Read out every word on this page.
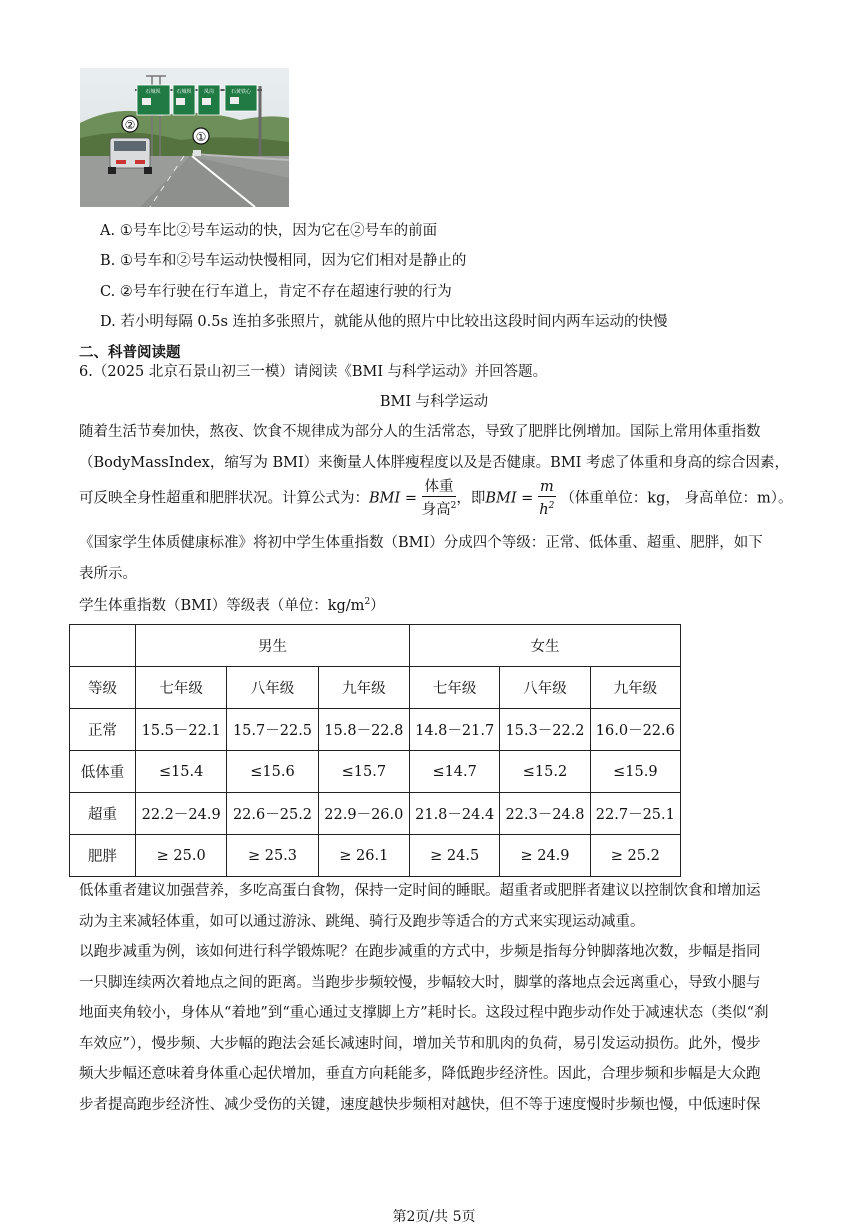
石城坝	石城坝 凤岗	石黄铁心
②
①
A. ①号车比②号车运动的快，因为它在②号车的前面
B. ①号车和②号车运动快慢相同，因为它们相对是静止的
C. ②号车行驶在行车道上，肯定不存在超速行驶的行为
D. 若小明每隔 0.5s 连拍多张照片，就能从他的照片中比较出这段时间内两车运动的快慢
二、科普阅读题
6.（2025 北京石景山初三一模）请阅读《BMI 与科学运动》并回答题。
BMI 与科学运动
随着生活节奏加快，熬夜、饮食不规律成为部分人的生活常态，导致了肥胖比例增加。国际上常用体重指数
（BodyMassIndex，缩写为 BMI）来衡量人体胖瘦程度以及是否健康。BMI 考虑了体重和身高的综合因素，
可反映全身性超重和肥胖状况。计算公式为：BMI = $\frac{\text{体重}}{身高^2}$ ，即BMI = $\frac{m}{h^2}$ （体重单位：kg， 身高单位：m）。
《国家学生体质健康标准》将初中学生体重指数（BMI）分成四个等级：正常、低体重、超重、肥胖，如下
表所示。
学生体重指数（BMI）等级表（单位：$kg/m^2$）
	男生			女生		
等级	七年级	八年级	九年级	七年级	八年级	九年级
正常	15.5－22.1	15.7－22.5	15.8－22.8	14.8－21.7	15.3－22.2	16.0－22.6
低体重	≤15.4	≤15.6	≤15.7	≤14.7	≤15.2	≤15.9
超重	22.2－24.9	22.6－25.2	22.9－26.0	21.8－24.4	22.3－24.8	22.7－25.1
肥胖	≥ 25.0	≥ 25.3	≥ 26.1	≥ 24.5	≥ 24.9	≥ 25.2
低体重者建议加强营养，多吃高蛋白食物，保持一定时间的睡眠。超重者或肥胖者建议以控制饮食和增加运
动为主来减轻体重，如可以通过游泳、跳绳、骑行及跑步等适合的方式来实现运动减重。
以跑步减重为例，该如何进行科学锻炼呢？在跑步减重的方式中，步频是指每分钟脚落地次数，步幅是指同
一只脚连续两次着地点之间的距离。当跑步步频较慢，步幅较大时，脚掌的落地点会远离重心，导致小腿与
地面夹角较小，身体从“着地”到“重心通过支撑脚上方”耗时长。这段过程中跑步动作处于减速状态（类似“刹
车效应”），慢步频、大步幅的跑法会延长减速时间，增加关节和肌肉的负荷，易引发运动损伤。此外，慢步
频大步幅还意味着身体重心起伏增加，垂直方向耗能多，降低跑步经济性。因此，合理步频和步幅是大众跑
步者提高跑步经济性、减少受伤的关键，速度越快步频相对越快，但不等于速度慢时步频也慢，中低速时保
第2页/共 5页
